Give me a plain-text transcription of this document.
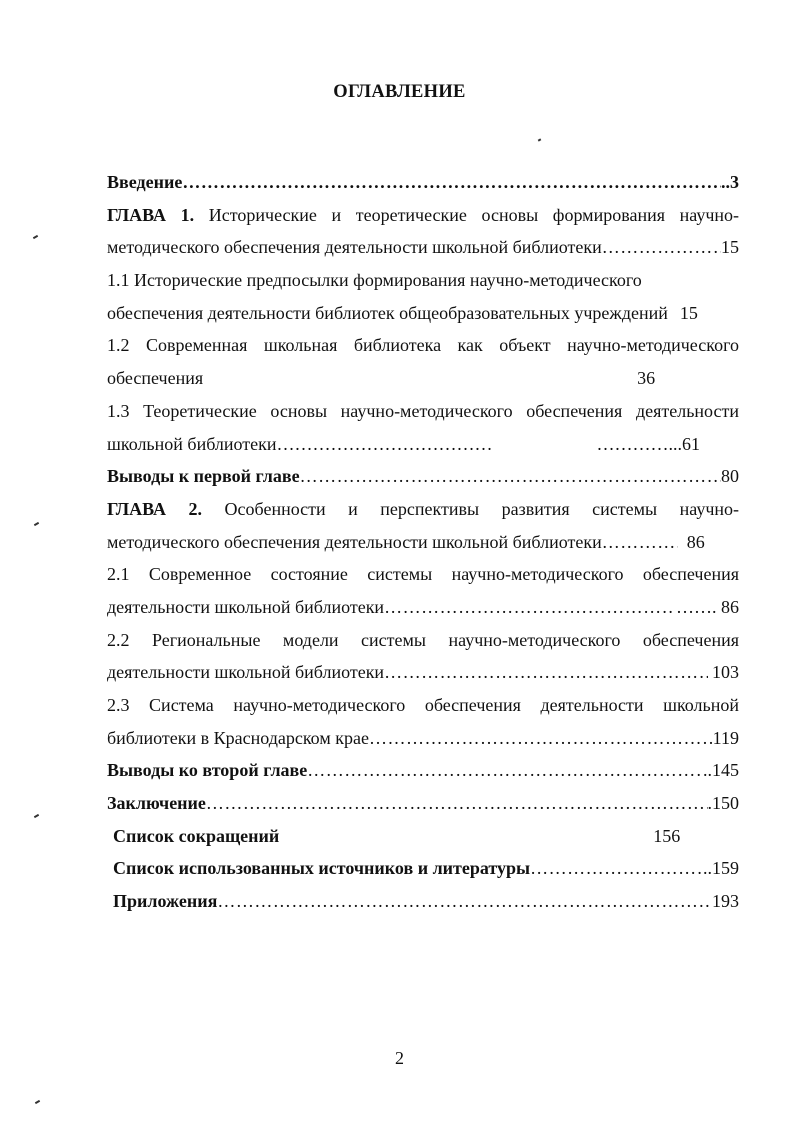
ОГЛАВЛЕНИЕ
Введение …………………………………………………………………………………………………………………………………………………………	..3
ГЛАВА 1. Исторические и теоретические основы формирования научно-
методического обеспечения деятельности школьной библиотеки …………………………………………………………………………………………………………………………………………………………	15
1.1 Исторические предпосылки формирования научно-методического
обеспечения деятельности библиотек общеобразовательных учреждений 15
1.2 Современная школьная библиотека как объект научно-методического
обеспечения	36
1.3 Теоретические основы научно-методического обеспечения деятельности
школьной библиотеки………………………………	…………...61
Выводы к первой главе …………………………………………………………………………………………………………………………………………………………	80
ГЛАВА 2. Особенности и перспективы развития системы научно-
методического обеспечения деятельности школьной библиотеки …………………………………………………………………………………………………………………………………………………………	86
2.1 Современное состояние системы научно-методического обеспечения
деятельности школьной библиотеки …………………………………………………………………………………………………………………………………………………………	……. 86
2.2 Региональные модели системы научно-методического обеспечения
деятельности школьной библиотеки …………………………………………………………………………………………………………………………………………………………	103
2.3 Система научно-методического обеспечения деятельности школьной
библиотеки в Краснодарском крае …………………………………………………………………………………………………………………………………………………………	119
Выводы ко второй главе …………………………………………………………………………………………………………………………………………………………	..145
Заключение …………………………………………………………………………………………………………………………………………………………	.150
Список сокращений	156
Список использованных источников и литературы …………………………………………………………………………………………………………………………………………………………	..159
Приложения …………………………………………………………………………………………………………………………………………………………	193
2
